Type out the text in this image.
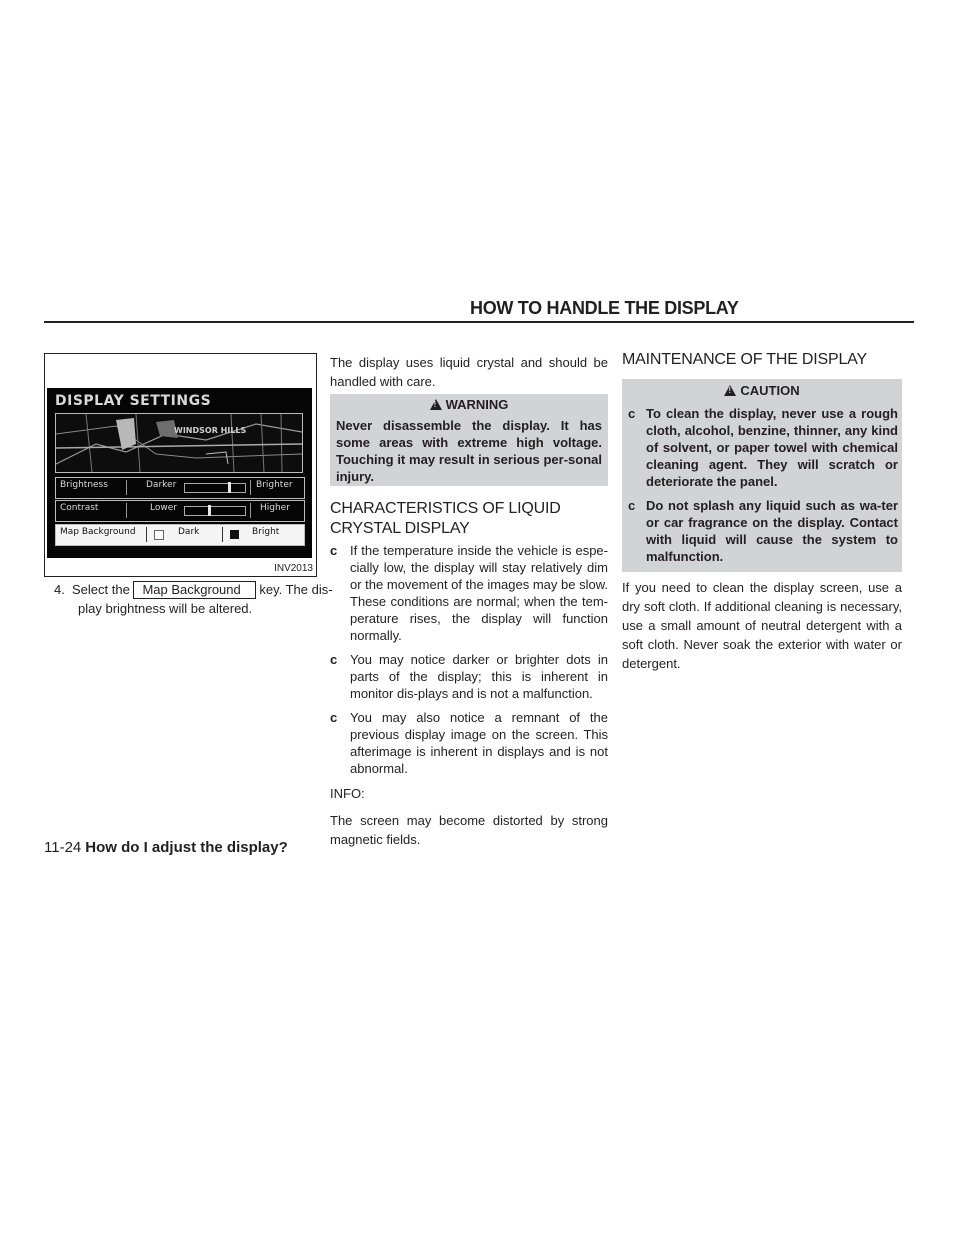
HOW TO HANDLE THE DISPLAY
DISPLAY SETTINGS
WINDSOR HILLS
Brightness	Darker	Brighter
Contrast	Lower	Higher
Map Background	Dark	Bright
INV2013
4. Select the Map Background key. The dis-
play brightness will be altered.
The display uses liquid crystal and should be handled with care.
!WARNING
Never disassemble the display. It has some areas with extreme high voltage. Touching it may result in serious per-sonal injury.
CHARACTERISTICS OF LIQUID
CRYSTAL DISPLAY
c If the temperature inside the vehicle is espe-cially low, the display will stay relatively dim or the movement of the images may be slow. These conditions are normal; when the tem-perature rises, the display will function normally.
c You may notice darker or brighter dots in parts of the display; this is inherent in monitor dis-plays and is not a malfunction.
c You may also notice a remnant of the previous display image on the screen. This afterimage is inherent in displays and is not abnormal.
INFO:
The screen may become distorted by strong magnetic fields.
MAINTENANCE OF THE DISPLAY
!CAUTION
c To clean the display, never use a rough cloth, alcohol, benzine, thinner, any kind of solvent, or paper towel with chemical cleaning agent. They will scratch or deteriorate the panel.
c Do not splash any liquid such as wa-ter or car fragrance on the display. Contact with liquid will cause the system to malfunction.
If you need to clean the display screen, use a dry soft cloth. If additional cleaning is necessary, use a small amount of neutral detergent with a soft cloth. Never soak the exterior with water or detergent.
11-24 How do I adjust the display?
